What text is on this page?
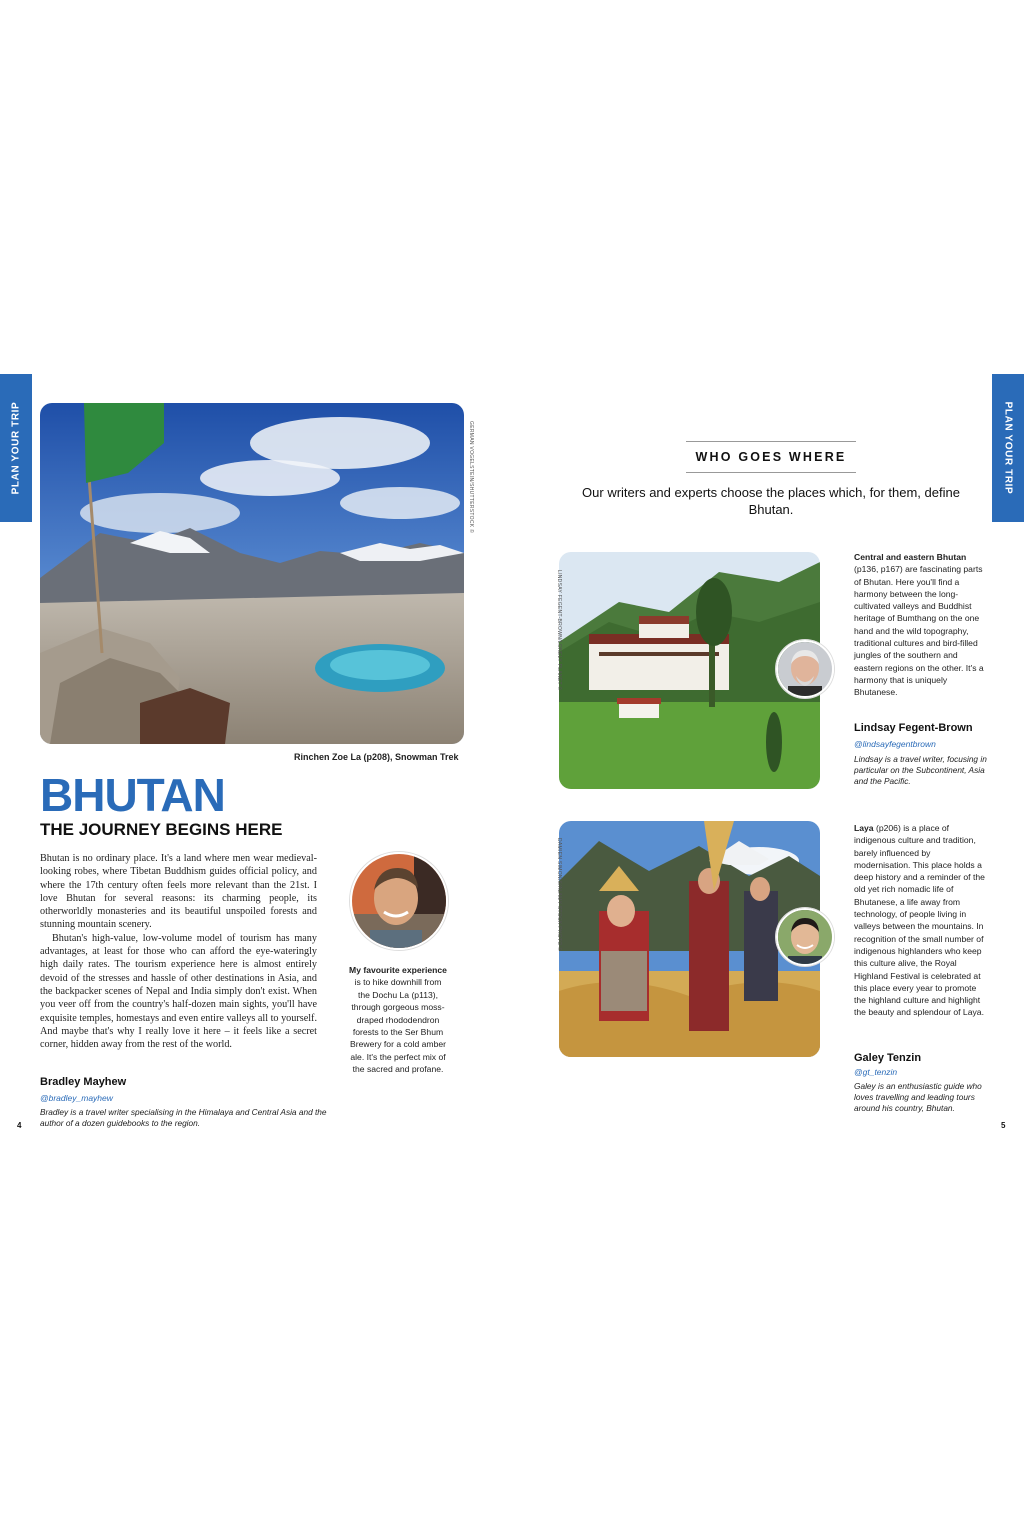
PLAN YOUR TRIP	PLAN YOUR TRIP
GERMAN VOGELSTEIN/SHUTTERSTOCK ©
Rinchen Zoe La (p208), Snowman Trek
BHUTAN
THE JOURNEY BEGINS HERE

Bhutan is no ordinary place. It's a land where men wear medieval-looking robes, where Tibetan Buddhism guides official policy, and where the 17th century often feels more relevant than the 21st. I love Bhutan for several reasons: its charming people, its otherworldly monasteries and its beautiful unspoiled forests and stunning mountain scenery.

Bhutan's high-value, low-volume model of tourism has many advantages, at least for those who can afford the eye-wateringly high daily rates. The tourism experience here is almost entirely devoid of the stresses and hassle of other destinations in Asia, and the backpacker scenes of Nepal and India simply don't exist. When you veer off from the country's half-dozen main sights, you'll have exquisite temples, homestays and even entire valleys all to yourself. And maybe that's why I really love it here – it feels like a secret corner, hidden away from the rest of the world.

Bradley Mayhew
@bradley_mayhew
Bradley is a travel writer specialising in the Himalaya and Central Asia and the author of a dozen guidebooks to the region.
My favourite experience is to hike downhill from the Dochu La (p113), through gorgeous moss-draped rhododendron forests to the Ser Bhum Brewery for a cold amber ale. It's the perfect mix of the sacred and profane.
4	5
WHO GOES WHERE
Our writers and experts choose the places which, for them, define Bhutan.
LINDSAY FEGENT-BROWN/LONELY PLANET ©
Central and eastern Bhutan (p136, p167) are fascinating parts of Bhutan. Here you'll find a harmony between the long-cultivated valleys and Buddhist heritage of Bumthang on the one hand and the wild topography, traditional cultures and bird-filled jungles of the southern and eastern regions on the other. It's a harmony that is uniquely Bhutanese.
Lindsay Fegent-Brown
@lindsayfegentbrown
Lindsay is a travel writer, focusing in particular on the Subcontinent, Asia and the Pacific.
DAMIEN SIMONIS/ALAMY STOCK PHOTO ©
Laya (p206) is a place of indigenous culture and tradition, barely influenced by modernisation. This place holds a deep history and a reminder of the old yet rich nomadic life of Bhutanese, a life away from technology, of people living in valleys between the mountains. In recognition of the small number of indigenous highlanders who keep this culture alive, the Royal Highland Festival is celebrated at this place every year to promote the highland culture and highlight the beauty and splendour of Laya.
Galey Tenzin
@gt_tenzin
Galey is an enthusiastic guide who loves travelling and leading tours around his country, Bhutan.
